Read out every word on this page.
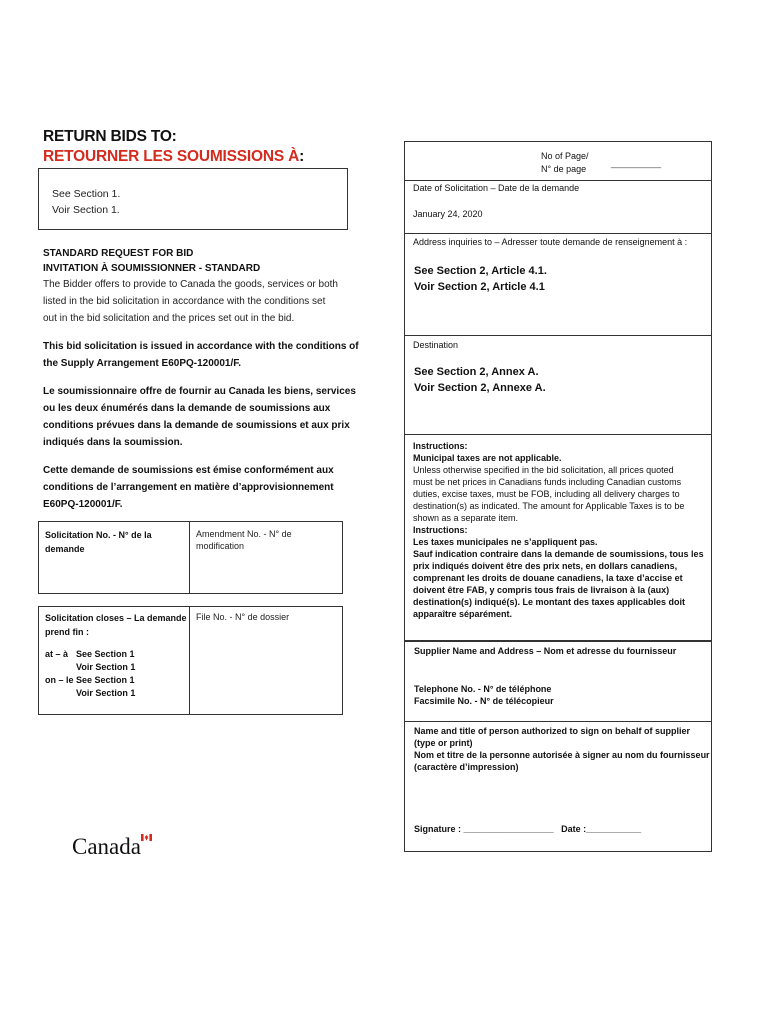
RETURN BIDS TO:
RETOURNER LES SOUMISSIONS À:
See Section 1.
Voir Section 1.
No of Page/
N° de page
__________
Date of Solicitation – Date de la demande
January 24, 2020
Address inquiries to – Adresser toute demande de renseignement à :
See Section 2, Article 4.1.
Voir Section 2, Article 4.1
Destination
See Section 2, Annex A.
Voir Section 2, Annexe A.
Instructions:
Municipal taxes are not applicable.
Unless otherwise specified in the bid solicitation, all prices quoted
must be net prices in Canadians funds including Canadian customs
duties, excise taxes, must be FOB, including all delivery charges to
destination(s) as indicated. The amount for Applicable Taxes is to be
shown as a separate item.
Instructions:
Les taxes municipales ne s’appliquent pas.
Sauf indication contraire dans la demande de soumissions, tous les
prix indiqués doivent être des prix nets, en dollars canadiens,
comprenant les droits de douane canadiens, la taxe d’accise et
doivent être FAB, y compris tous frais de livraison à la (aux)
destination(s) indiqué(s). Le montant des taxes applicables doit
apparaître séparément.
STANDARD REQUEST FOR BID
INVITATION À SOUMISSIONNER - STANDARD
The Bidder offers to provide to Canada the goods, services or both
listed in the bid solicitation in accordance with the conditions set
out in the bid solicitation and the prices set out in the bid.
This bid solicitation is issued in accordance with the conditions of
the Supply Arrangement E60PQ-120001/F.
Le soumissionnaire offre de fournir au Canada les biens, services
ou les deux énumérés dans la demande de soumissions aux
conditions prévues dans la demande de soumissions et aux prix
indiqués dans la soumission.
Cette demande de soumissions est émise conformément aux
conditions de l’arrangement en matière d’approvisionnement
E60PQ-120001/F.
Solicitation No. - N° de la
demande
Amendment No. - N° de
modification
Solicitation closes – La demande
prend fin :
File No. - N° de dossier
at – à See Section 1
Voir Section 1
on – le See Section 1
Voir Section 1
Supplier Name and Address – Nom et adresse du fournisseur
Telephone No. - N° de téléphone
Facsimile No. - N° de télécopieur
Name and title of person authorized to sign on behalf of supplier
(type or print)
Nom et titre de la personne autorisée à signer au nom du fournisseur
(caractère d’impression)
Signature : __________________   Date :___________
Canada
